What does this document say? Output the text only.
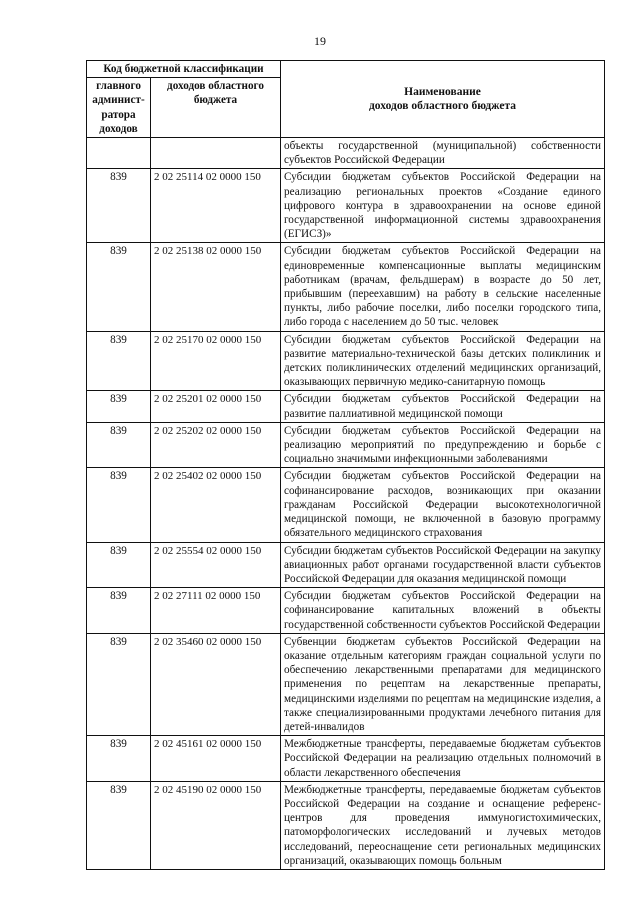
19
Код бюджетной классификации		Наименование
доходов областного бюджета

главного админист-ратора доходов	доходов областного бюджета	
		объекты государственной (муниципальной) собственности субъектов Российской Федерации
839	2 02 25114 02 0000 150	Субсидии бюджетам субъектов Российской Федерации на реализацию региональных проектов «Создание единого цифрового контура в здравоохранении на основе единой государственной информационной системы здравоохранения (ЕГИСЗ)»
839	2 02 25138 02 0000 150	Субсидии бюджетам субъектов Российской Федерации на единовременные компенсационные выплаты медицинским работникам (врачам, фельдшерам) в возрасте до 50 лет, прибывшим (переехавшим) на работу в сельские населенные пункты, либо рабочие поселки, либо поселки городского типа, либо города с населением до 50 тыс. человек
839	2 02 25170 02 0000 150	Субсидии бюджетам субъектов Российской Федерации на развитие материально-технической базы детских поликлиник и детских поликлинических отделений медицинских организаций, оказывающих первичную медико-санитарную помощь
839	2 02 25201 02 0000 150	Субсидии бюджетам субъектов Российской Федерации на развитие паллиативной медицинской помощи
839	2 02 25202 02 0000 150	Субсидии бюджетам субъектов Российской Федерации на реализацию мероприятий по предупреждению и борьбе с социально значимыми инфекционными заболеваниями
839	2 02 25402 02 0000 150	Субсидии бюджетам субъектов Российской Федерации на софинансирование расходов, возникающих при оказании гражданам Российской Федерации высокотехнологичной медицинской помощи, не включенной в базовую программу обязательного медицинского страхования
839	2 02 25554 02 0000 150	Субсидии бюджетам субъектов Российской Федерации на закупку авиационных работ органами государственной власти субъектов Российской Федерации для оказания медицинской помощи
839	2 02 27111 02 0000 150	Субсидии бюджетам субъектов Российской Федерации на софинансирование капитальных вложений в объекты государственной собственности субъектов Российской Федерации
839	2 02 35460 02 0000 150	Субвенции бюджетам субъектов Российской Федерации на оказание отдельным категориям граждан социальной услуги по обеспечению лекарственными препаратами для медицинского применения по рецептам на лекарственные препараты, медицинскими изделиями по рецептам на медицинские изделия, а также специализированными продуктами лечебного питания для детей-инвалидов
839	2 02 45161 02 0000 150	Межбюджетные трансферты, передаваемые бюджетам субъектов Российской Федерации на реализацию отдельных полномочий в области лекарственного обеспечения
839	2 02 45190 02 0000 150	Межбюджетные трансферты, передаваемые бюджетам субъектов Российской Федерации на создание и оснащение референс-центров для проведения иммуногистохимических, патоморфологических исследований и лучевых методов исследований, переоснащение сети региональных медицинских организаций, оказывающих помощь больным
